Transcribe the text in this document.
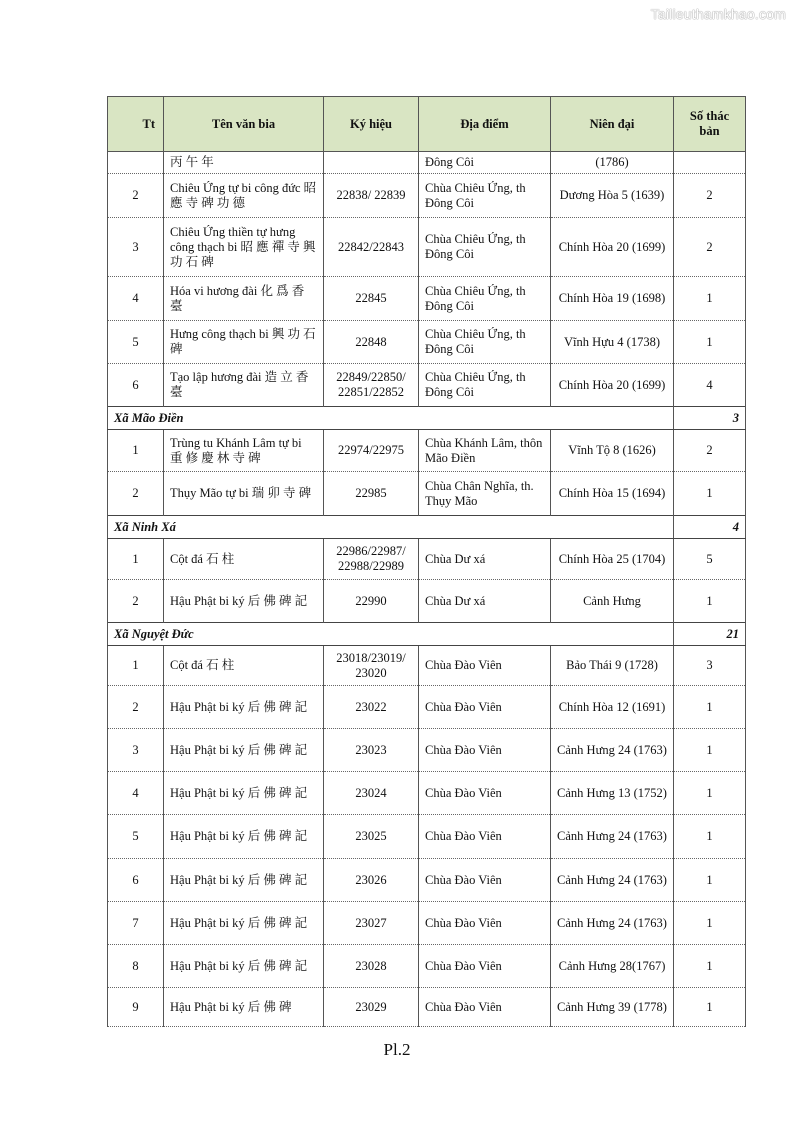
Tailieuthamkhao.com
Tt	Tên văn bia	Ký hiệu	Địa điểm	Niên đại	Số thác bản
	丙 午 年		Đông Côi	(1786)	
2	Chiêu Ứng tự bi công đức 昭 應 寺 碑 功 德	22838/ 22839	Chùa Chiêu Ứng, th Đông Côi	Dương Hòa 5 (1639)	2
3	Chiêu Ứng thiền tự hưng công thạch bi 昭 應 禪 寺 興 功 石 碑	22842/22843	Chùa Chiêu Ứng, th Đông Côi	Chính Hòa 20 (1699)	2
4	Hóa vi hương đài 化 爲 香 臺	22845	Chùa Chiêu Ứng, th Đông Côi	Chính Hòa 19 (1698)	1
5	Hưng công thạch bi 興 功 石 碑	22848	Chùa Chiêu Ứng, th Đông Côi	Vĩnh Hựu 4 (1738)	1
6	Tạo lập hương đài 造 立 香 臺	22849/22850/ 22851/22852	Chùa Chiêu Ứng, th Đông Côi	Chính Hòa 20 (1699)	4
Xã Mão Điền					3
1	Trùng tu Khánh Lâm tự bi 重 修 慶 林 寺 碑	22974/22975	Chùa Khánh Lâm, thôn Mão Điền	Vĩnh Tộ 8 (1626)	2
2	Thụy Mão tự bi 瑞 卯 寺 碑	22985	Chùa Chân Nghĩa, th. Thụy Mão	Chính Hòa 15 (1694)	1
Xã Ninh Xá					4
1	Cột đá 石 柱	22986/22987/ 22988/22989	Chùa Dư xá	Chính Hòa 25 (1704)	5
2	Hậu Phật bi ký 后 佛 碑 記	22990	Chùa Dư xá	Cảnh Hưng	1
Xã Nguyệt Đức					21
1	Cột đá 石 柱	23018/23019/ 23020	Chùa Đào Viên	Bảo Thái 9 (1728)	3
2	Hậu Phật bi ký 后 佛 碑 記	23022	Chùa Đào Viên	Chính Hòa 12 (1691)	1
3	Hậu Phật bi ký 后 佛 碑 記	23023	Chùa Đào Viên	Cảnh Hưng 24 (1763)	1
4	Hậu Phật bi ký 后 佛 碑 記	23024	Chùa Đào Viên	Cảnh Hưng 13 (1752)	1
5	Hậu Phật bi ký 后 佛 碑 記	23025	Chùa Đào Viên	Cảnh Hưng 24 (1763)	1
6	Hậu Phật bi ký 后 佛 碑 記	23026	Chùa Đào Viên	Cảnh Hưng 24 (1763)	1
7	Hậu Phật bi ký 后 佛 碑 記	23027	Chùa Đào Viên	Cảnh Hưng 24 (1763)	1
8	Hậu Phật bi ký 后 佛 碑 記	23028	Chùa Đào Viên	Cảnh Hưng 28(1767)	1
9	Hậu Phật bi ký 后 佛 碑	23029	Chùa Đào Viên	Cảnh Hưng 39 (1778)	1
Pl.2
